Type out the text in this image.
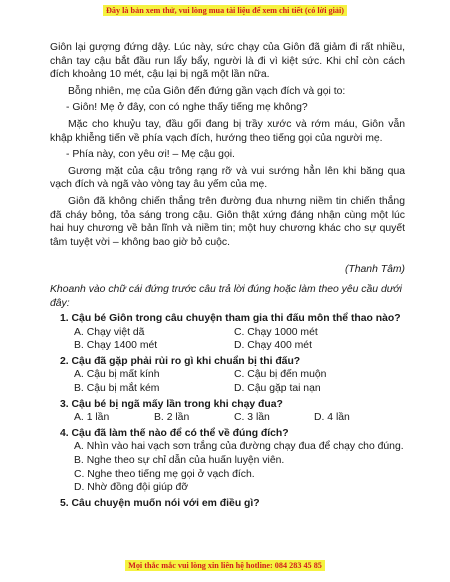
Đây là bản xem thử, vui lòng mua tài liệu để xem chi tiết (có lời giải)

Giôn lại gượng đứng dậy. Lúc này, sức chạy của Giôn đã giảm đi rất nhiều, chân tay cậu bắt đầu run lẩy bẩy, người là đi vì kiệt sức. Khi chỉ còn cách đích khoảng 10 mét, cậu lại bị ngã một lần nữa.

Bỗng nhiên, mẹ của Giôn đến đứng gần vạch đích và gọi to:

- Giôn! Mẹ ở đây, con có nghe thấy tiếng mẹ không?

Mặc cho khuỷu tay, đầu gối đang bị trầy xước và rớm máu, Giôn vẫn khập khiễng tiến về phía vạch đích, hướng theo tiếng gọi của người mẹ.

- Phía này, con yêu ơi! – Mẹ cậu gọi.

Gương mặt của cậu trông rạng rỡ và vui sướng hẳn lên khi băng qua vạch đích và ngã vào vòng tay âu yếm của mẹ.

Giôn đã không chiến thắng trên đường đua nhưng niềm tin chiến thắng đã cháy bỏng, tỏa sáng trong cậu. Giôn thật xứng đáng nhận cùng một lúc hai huy chương về bản lĩnh và niềm tin; một huy chương khác cho sự quyết tâm tuyệt vời – không bao giờ bỏ cuộc.

(Thanh Tâm)

Khoanh vào chữ cái đứng trước câu trả lời đúng hoặc làm theo yêu cầu dưới đây:

1. Cậu bé Giôn trong câu chuyện tham gia thi đấu môn thể thao nào?
A. Chạy việt dã	C. Chạy 1000 mét
B. Chạy 1400 mét	D. Chạy 400 mét
2. Cậu đã gặp phải rủi ro gì khi chuẩn bị thi đấu?
A. Cậu bị mất kính	C. Cậu bị đến muộn
B. Cậu bị mắt kém	D. Cậu gặp tai nạn
3. Cậu bé bị ngã mấy lần trong khi chạy đua?
A. 1 lần	B. 2 lần	C. 3 lần	D. 4 lần
4. Cậu đã làm thế nào để có thể về đúng đích?
A. Nhìn vào hai vạch sơn trắng của đường chạy đua để chạy cho đúng.
B. Nghe theo sự chỉ dẫn của huấn luyện viên.
C. Nghe theo tiếng mẹ gọi ở vạch đích.
D. Nhờ đồng đội giúp đỡ
5. Câu chuyện muốn nói với em điều gì?
Mọi thắc mắc vui lòng xin liên hệ hotline: 084 283 45 85
